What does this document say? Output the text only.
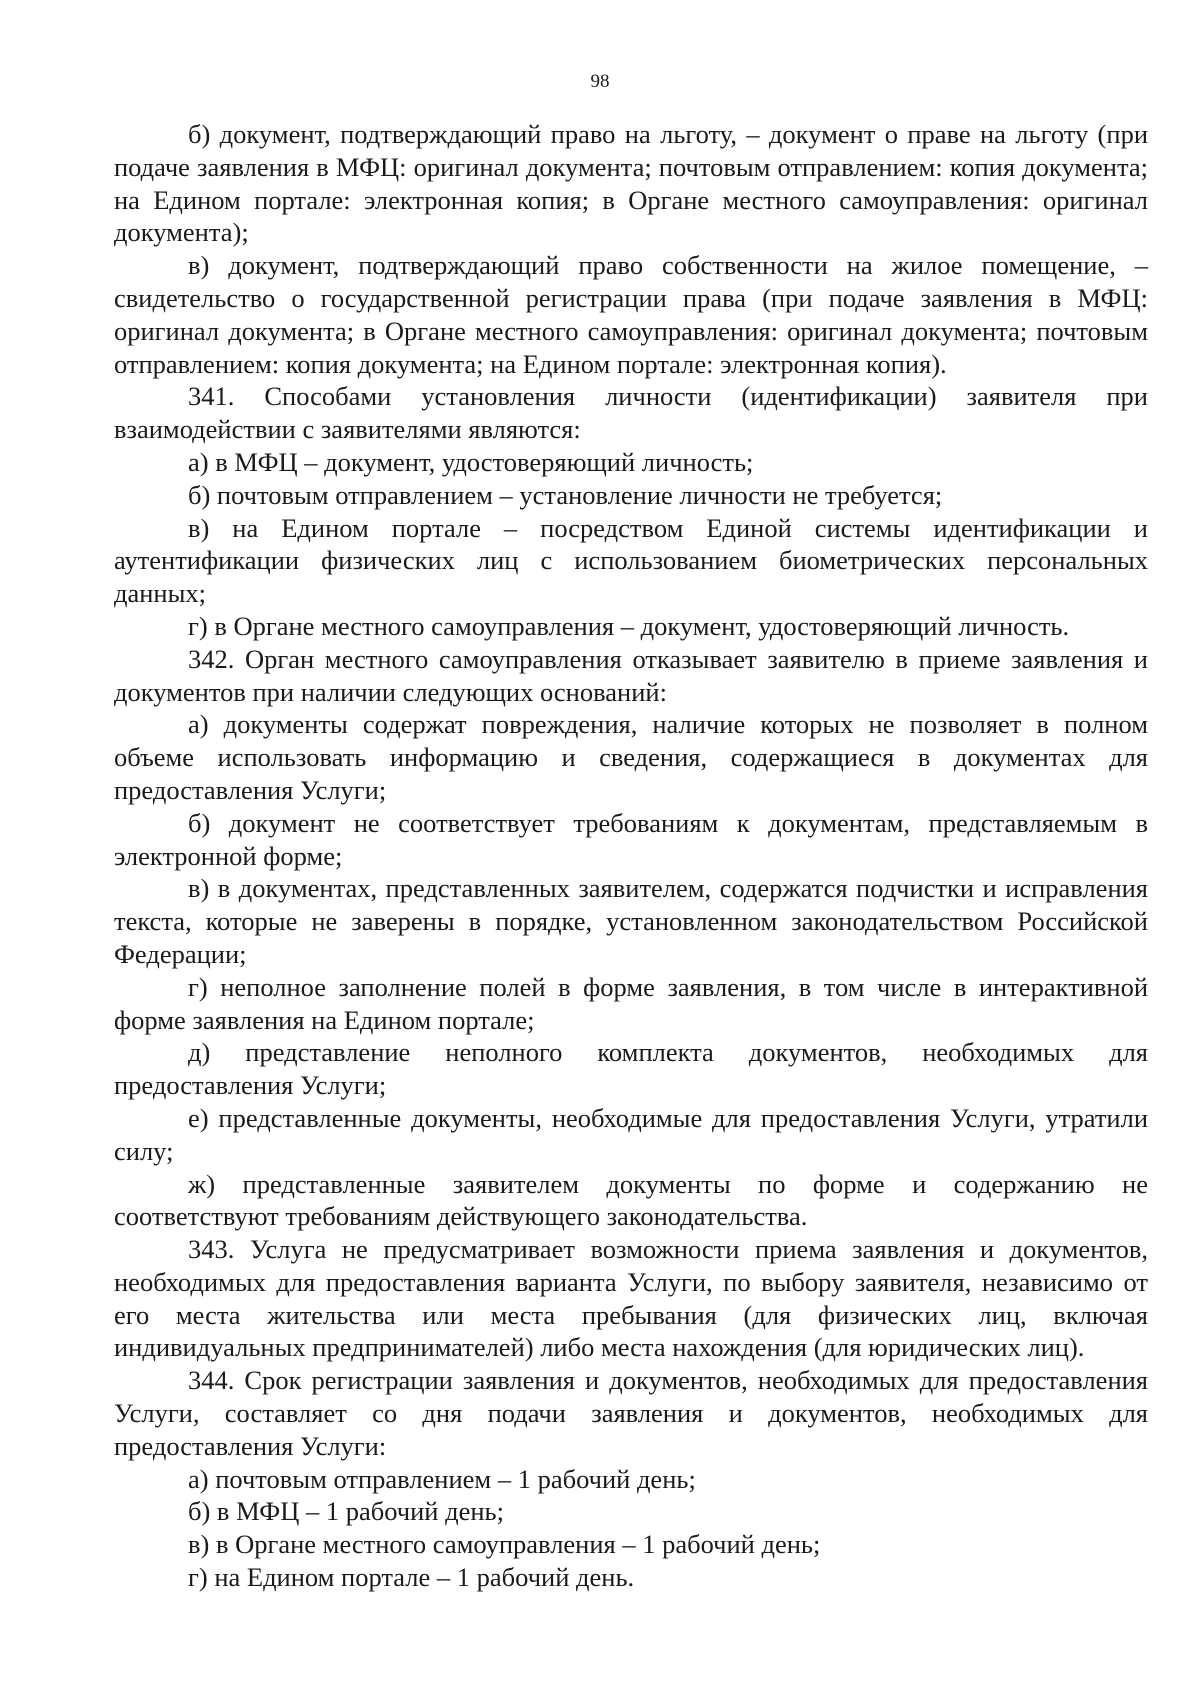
98

б) документ, подтверждающий право на льготу, – документ о праве на льготу (при подаче заявления в МФЦ: оригинал документа; почтовым отправлением: копия документа; на Едином портале: электронная копия; в Органе местного самоуправления: оригинал документа);

в) документ, подтверждающий право собственности на жилое помещение, – свидетельство о государственной регистрации права (при подаче заявления в МФЦ: оригинал документа; в Органе местного самоуправления: оригинал документа; почтовым отправлением: копия документа; на Едином портале: электронная копия).

341. Способами установления личности (идентификации) заявителя при взаимодействии с заявителями являются:

а) в МФЦ – документ, удостоверяющий личность;

б) почтовым отправлением – установление личности не требуется;

в) на Едином портале – посредством Единой системы идентификации и аутентификации физических лиц с использованием биометрических персональных данных;

г) в Органе местного самоуправления – документ, удостоверяющий личность.

342. Орган местного самоуправления отказывает заявителю в приеме заявления и документов при наличии следующих оснований:

а) документы содержат повреждения, наличие которых не позволяет в полном объеме использовать информацию и сведения, содержащиеся в документах для предоставления Услуги;

б) документ не соответствует требованиям к документам, представляемым в электронной форме;

в) в документах, представленных заявителем, содержатся подчистки и исправления текста, которые не заверены в порядке, установленном законодательством Российской Федерации;

г) неполное заполнение полей в форме заявления, в том числе в интерактивной форме заявления на Едином портале;

д) представление неполного комплекта документов, необходимых для предоставления Услуги;

е) представленные документы, необходимые для предоставления Услуги, утратили силу;

ж) представленные заявителем документы по форме и содержанию не соответствуют требованиям действующего законодательства.

343. Услуга не предусматривает возможности приема заявления и документов, необходимых для предоставления варианта Услуги, по выбору заявителя, независимо от его места жительства или места пребывания (для физических лиц, включая индивидуальных предпринимателей) либо места нахождения (для юридических лиц).

344. Срок регистрации заявления и документов, необходимых для предоставления Услуги, составляет со дня подачи заявления и документов, необходимых для предоставления Услуги:

а) почтовым отправлением – 1 рабочий день;

б) в МФЦ – 1 рабочий день;

в) в Органе местного самоуправления – 1 рабочий день;

г) на Едином портале – 1 рабочий день.
